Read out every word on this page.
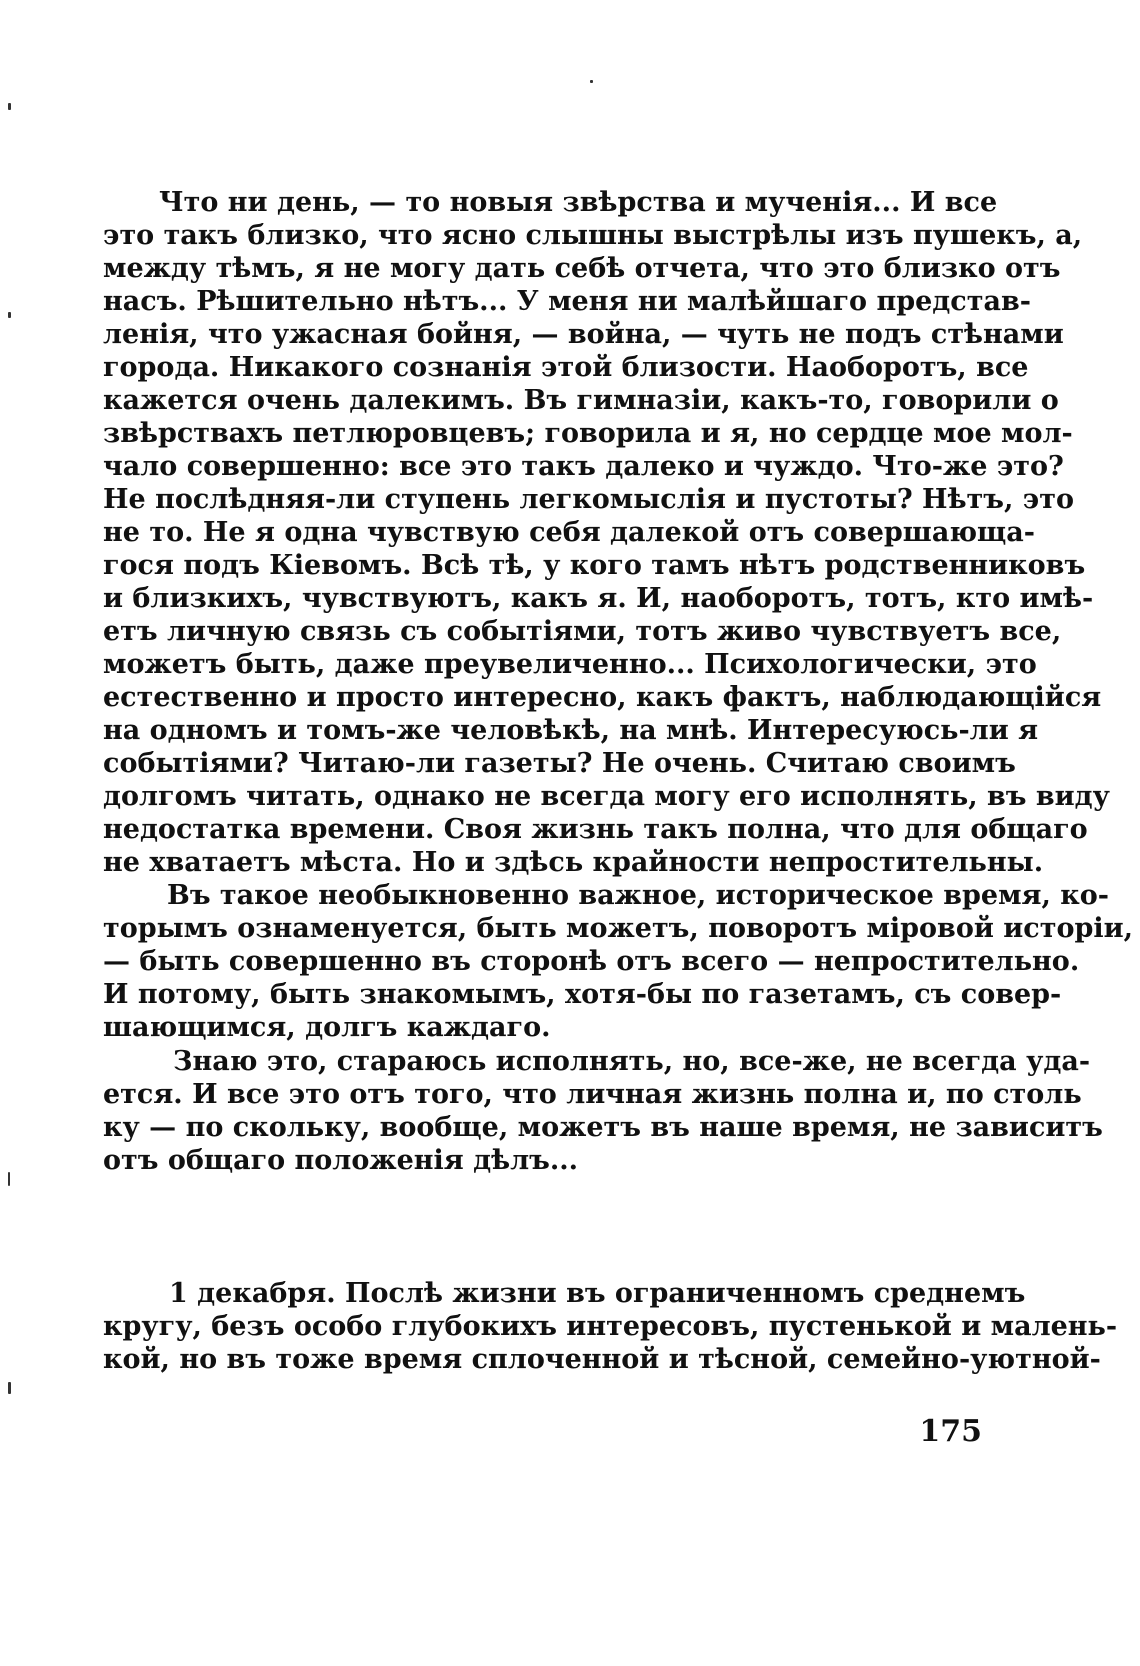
Что ни день, — то новыя звѣрства и мученія... И все
это такъ близко, что ясно слышны выстрѣлы изъ пушекъ, а,
между тѣмъ, я не могу дать себѣ отчета, что это близко отъ
насъ. Рѣшительно нѣтъ... У меня ни малѣйшаго представ-
ленія, что ужасная бойня, — война, — чуть не подъ стѣнами
города. Никакого сознанія этой близости. Наоборотъ, все
кажется очень далекимъ. Въ гимназіи, какъ-то, говорили о
звѣрствахъ петлюровцевъ; говорила и я, но сердце мое мол-
чало совершенно: все это такъ далеко и чуждо. Что-же это?
Не послѣдняя-ли ступень легкомыслія и пустоты? Нѣтъ, это
не то. Не я одна чувствую себя далекой отъ совершающа-
гося подъ Кіевомъ. Всѣ тѣ, у кого тамъ нѣтъ родственниковъ
и близкихъ, чувствуютъ, какъ я. И, наоборотъ, тотъ, кто имѣ-
етъ личную связь съ событіями, тотъ живо чувствуетъ все,
можетъ быть, даже преувеличенно... Психологически, это
естественно и просто интересно, какъ фактъ, наблюдающійся
на одномъ и томъ-же человѣкѣ, на мнѣ. Интересуюсь-ли я
событіями? Читаю-ли газеты? Не очень. Считаю своимъ
долгомъ читать, однако не всегда могу его исполнять, въ виду
недостатка времени. Своя жизнь такъ полна, что для общаго
не хватаетъ мѣста. Но и здѣсь крайности непростительны.
Въ такое необыкновенно важное, историческое время, ко-
торымъ ознаменуется, быть можетъ, поворотъ міровой исторіи,
— быть совершенно въ сторонѣ отъ всего — непростительно.
И потому, быть знакомымъ, хотя-бы по газетамъ, съ совер-
шающимся, долгъ каждаго.
Знаю это, стараюсь исполнять, но, все-же, не всегда уда-
ется. И все это отъ того, что личная жизнь полна и, по столь
ку — по скольку, вообще, можетъ въ наше время, не зависитъ
отъ общаго положенія дѣлъ...
1 декабря. Послѣ жизни въ ограниченномъ среднемъ
кругу, безъ особо глубокихъ интересовъ, пустенькой и малень-
кой, но въ тоже время сплоченной и тѣсной, семейно-уютной-
175
